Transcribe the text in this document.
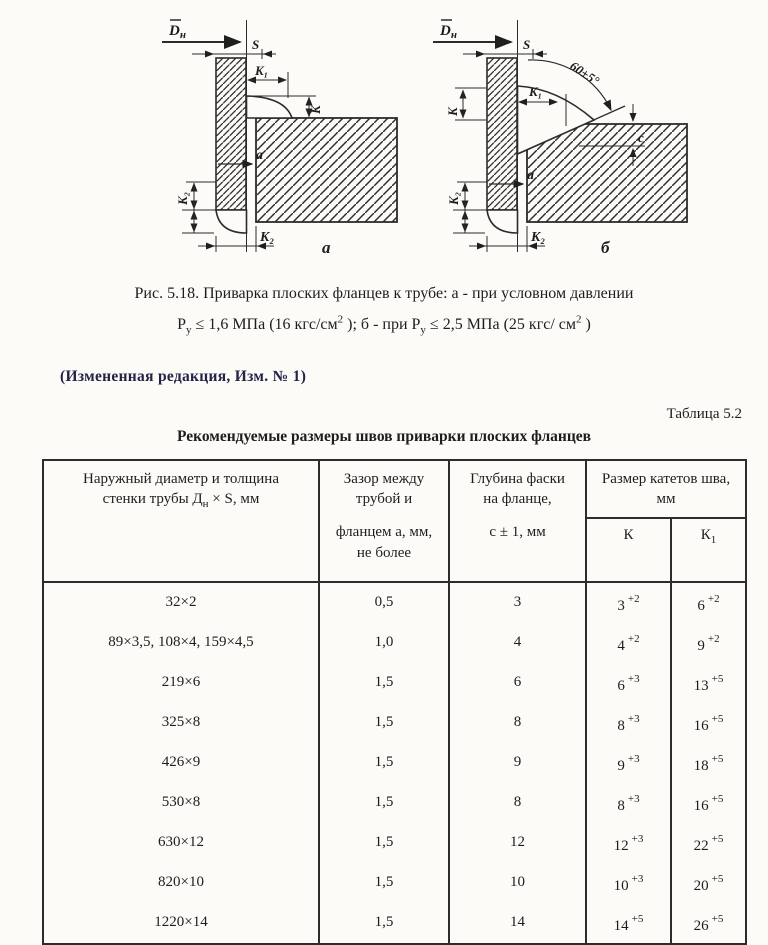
$D_н$
S
K₁
K
a
K₂
K₂
а
$D_н$
S
60±5°
K₁
K
c
a
K₂
K₂
б

Рис. 5.18. Приварка плоских фланцев к трубе: а - при условном давлении
$Р_у \le 1,6$ МПа (16 кгс/$см^2$ ); б - при $Р_у \le 2,5$ МПа (25 кгс/ $см^2$ )

(Измененная редакция, Изм. № 1)

Таблица 5.2
Рекомендуемые размеры швов приварки плоских фланцев
Наружный диаметр и толщина
стенки трубы $Д_н \times S$, мм

Зазор между
трубой и
фланцем а, мм,
не более

Глубина фаски
на фланце,
с ± 1, мм

Размер катетов шва,
мм

			К	$К_1$
32×2	0,5	3	3 $^{+2}$	6 $^{+2}$
89×3,5, 108×4, 159×4,5	1,0	4	4 $^{+2}$	9 $^{+2}$
219×6	1,5	6	6 $^{+3}$	13 $^{+5}$
325×8	1,5	8	8 $^{+3}$	16 $^{+5}$
426×9	1,5	9	9 $^{+3}$	18 $^{+5}$
530×8	1,5	8	8 $^{+3}$	16 $^{+5}$
630×12	1,5	12	12 $^{+3}$	22 $^{+5}$
820×10	1,5	10	10 $^{+3}$	20 $^{+5}$
1220×14	1,5	14	14 $^{+5}$	26 $^{+5}$
